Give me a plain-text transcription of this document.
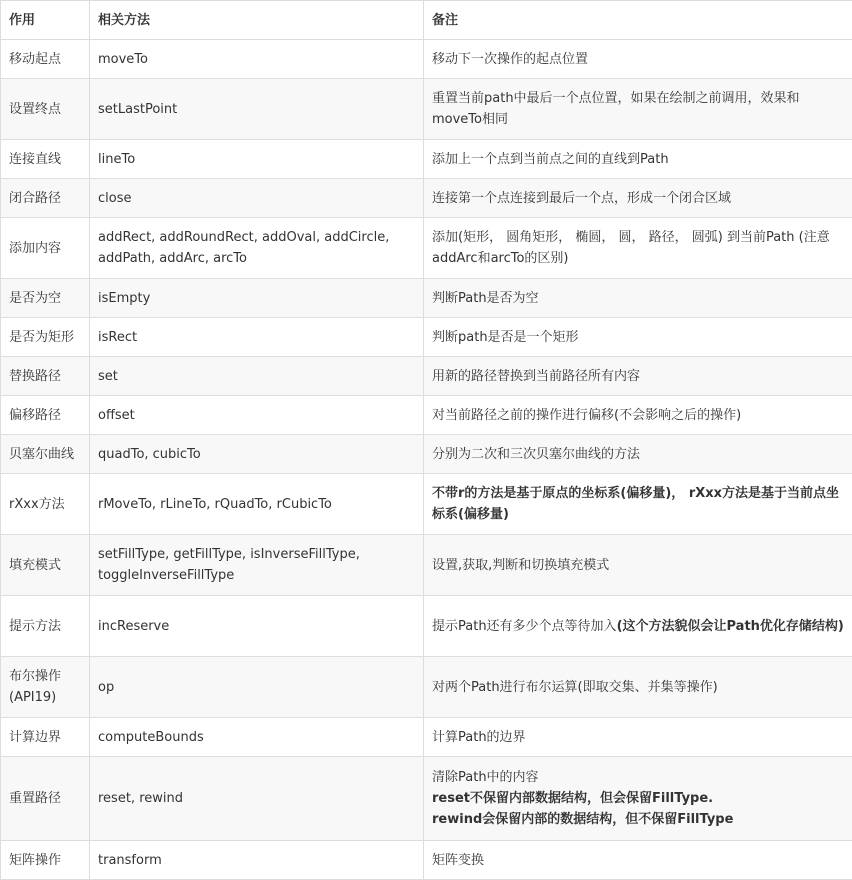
作用	相关方法	备注
移动起点	moveTo	移动下一次操作的起点位置
设置终点	setLastPoint	重置当前path中最后一个点位置，如果在绘制之前调用，效果和moveTo相同
连接直线	lineTo	添加上一个点到当前点之间的直线到Path
闭合路径	close	连接第一个点连接到最后一个点，形成一个闭合区域
添加内容	addRect, addRoundRect, addOval, addCircle, addPath, addArc, arcTo	添加(矩形， 圆角矩形， 椭圆， 圆， 路径， 圆弧) 到当前Path (注意addArc和arcTo的区别)
是否为空	isEmpty	判断Path是否为空
是否为矩形	isRect	判断path是否是一个矩形
替换路径	set	用新的路径替换到当前路径所有内容
偏移路径	offset	对当前路径之前的操作进行偏移(不会影响之后的操作)
贝塞尔曲线	quadTo, cubicTo	分别为二次和三次贝塞尔曲线的方法
rXxx方法	rMoveTo, rLineTo, rQuadTo, rCubicTo	不带r的方法是基于原点的坐标系(偏移量)， rXxx方法是基于当前点坐标系(偏移量)
填充模式	setFillType, getFillType, isInverseFillType, toggleInverseFillType	设置,获取,判断和切换填充模式
提示方法	incReserve	提示Path还有多少个点等待加入(这个方法貌似会让Path优化存储结构)
布尔操作(API19)	op	对两个Path进行布尔运算(即取交集、并集等操作)
计算边界	computeBounds	计算Path的边界
重置路径	reset, rewind	清除Path中的内容
reset不保留内部数据结构，但会保留FillType.
rewind会保留内部的数据结构，但不保留FillType
矩阵操作	transform	矩阵变换
